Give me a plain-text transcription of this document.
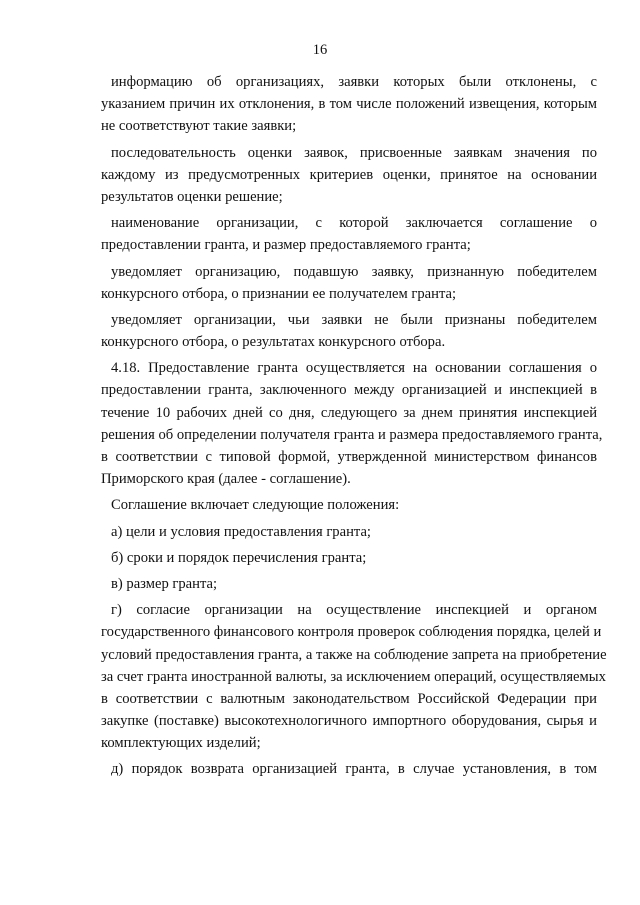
16
информацию об организациях, заявки которых были отклонены, с
указанием причин их отклонения, в том числе положений извещения, которым
не соответствуют такие заявки;
последовательность оценки заявок, присвоенные заявкам значения по
каждому из предусмотренных критериев оценки, принятое на основании
результатов оценки решение;
наименование организации, с которой заключается соглашение о
предоставлении гранта, и размер предоставляемого гранта;
уведомляет организацию, подавшую заявку, признанную победителем
конкурсного отбора, о признании ее получателем гранта;
уведомляет организации, чьи заявки не были признаны победителем
конкурсного отбора, о результатах конкурсного отбора.
4.18. Предоставление гранта осуществляется на основании соглашения о
предоставлении гранта, заключенного между организацией и инспекцией в
течение 10 рабочих дней со дня, следующего за днем принятия инспекцией
решения об определении получателя гранта и размера предоставляемого гранта,
в соответствии с типовой формой, утвержденной министерством финансов
Приморского края (далее - соглашение).
Соглашение включает следующие положения:
а) цели и условия предоставления гранта;
б) сроки и порядок перечисления гранта;
в) размер гранта;
г) согласие организации на осуществление инспекцией и органом
государственного финансового контроля проверок соблюдения порядка, целей и
условий предоставления гранта, а также на соблюдение запрета на приобретение
за счет гранта иностранной валюты, за исключением операций, осуществляемых
в соответствии с валютным законодательством Российской Федерации при
закупке (поставке) высокотехнологичного импортного оборудования, сырья и
комплектующих изделий;
д) порядок возврата организацией гранта, в случае установления, в том
